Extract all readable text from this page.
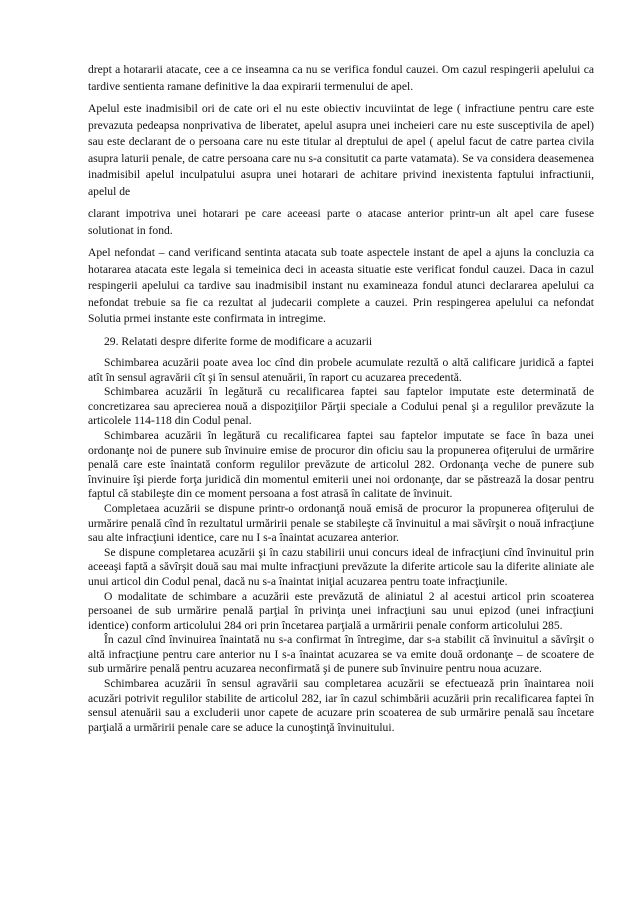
drept a hotararii atacate, cee a ce inseamna ca nu se verifica fondul cauzei. Om cazul respingerii apelului ca tardive sentienta ramane definitive la daa expirarii termenului de apel.

Apelul este inadmisibil ori de cate ori el nu este obiectiv incuviintat de lege ( infractiune pentru care este prevazuta pedeapsa nonprivativa de liberatet, apelul asupra unei incheieri care nu este susceptivila de apel) sau este declarant de o persoana care nu este titular al dreptului de apel ( apelul facut de catre partea civila asupra laturii penale, de catre persoana care nu s-a consitutit ca parte vatamata). Se va considera deasemenea inadmisibil apelul inculpatului asupra unei hotarari de achitare privind inexistenta faptului infractiunii, apelul de

clarant impotriva unei hotarari pe care aceeasi parte o atacase anterior printr-un alt apel care fusese solutionat in fond.

Apel nefondat – cand verificand sentinta atacata sub toate aspectele instant de apel a ajuns la concluzia ca hotararea atacata este legala si temeinica deci in aceasta situatie este verificat fondul cauzei. Daca in cazul respingerii apelului ca tardive sau inadmisibil instant nu examineaza fondul atunci declararea apelului ca nefondat trebuie sa fie ca rezultat al judecarii complete a cauzei. Prin respingerea apelului ca nefondat Solutia prmei instante este confirmata in intregime.

29. Relatati despre diferite forme de modificare a acuzarii

Schimbarea acuzării poate avea loc cînd din probele acumulate rezultă o altă calificare juridică a faptei atît în sensul agravării cît şi în sensul atenuării, în raport cu acuzarea precedentă.

Schimbarea acuzării în legătură cu recalificarea faptei sau faptelor imputate este determinată de concretizarea sau aprecierea nouă a dispoziţiilor Părţii speciale a Codului penal şi a regulilor prevăzute la articolele 114-118 din Codul penal.

Schimbarea acuzării în legătură cu recalificarea faptei sau faptelor imputate se face în baza unei ordonanţe noi de punere sub învinuire emise de procuror din oficiu sau la propunerea ofiţerului de urmărire penală care este înaintată conform regulilor prevăzute de articolul 282. Ordonanţa veche de punere sub învinuire îşi pierde forţa juridică din momentul emiterii unei noi ordonanţe, dar se păstrează la dosar pentru faptul că stabileşte din ce moment persoana a fost atrasă în calitate de învinuit.

Completaea acuzării se dispune printr-o ordonanţă nouă emisă de procuror la propunerea ofiţerului de urmărire penală cînd în rezultatul urmăririi penale se stabileşte că învinuitul a mai săvîrşit o nouă infracţiune sau alte infracţiuni identice, care nu I s-a înaintat acuzarea anterior.

Se dispune completarea acuzării şi în cazu stabilirii unui concurs ideal de infracţiuni cînd învinuitul prin aceeaşi faptă a săvîrşit două sau mai multe infracţiuni prevăzute la diferite articole sau la diferite aliniate ale unui articol din Codul penal, dacă nu s-a înaintat iniţial acuzarea pentru toate infracţiunile.

O modalitate de schimbare a acuzării este prevăzută de aliniatul 2 al acestui articol prin scoaterea persoanei de sub urmărire penală parţial în privinţa unei infracţiuni sau unui epizod (unei infracţiuni identice) conform articolului 284 ori prin încetarea parţială a urmăririi penale conform articolului 285.

În cazul cînd învinuirea înaintată nu s-a confirmat în întregime, dar s-a stabilit că învinuitul a săvîrşit o altă infracţiune pentru care anterior nu I s-a înaintat acuzarea se va emite două ordonanţe – de scoatere de sub urmărire penală pentru acuzarea neconfirmată şi de punere sub învinuire pentru noua acuzare.

Schimbarea acuzării în sensul agravării sau completarea acuzării se efectuează prin înaintarea noii acuzări potrivit regulilor stabilite de articolul 282, iar în cazul schimbării acuzării prin recalificarea faptei în sensul atenuării sau a excluderii unor capete de acuzare prin scoaterea de sub urmărire penală sau încetare parţială a urmăririi penale care se aduce la cunoştinţă învinuitului.
